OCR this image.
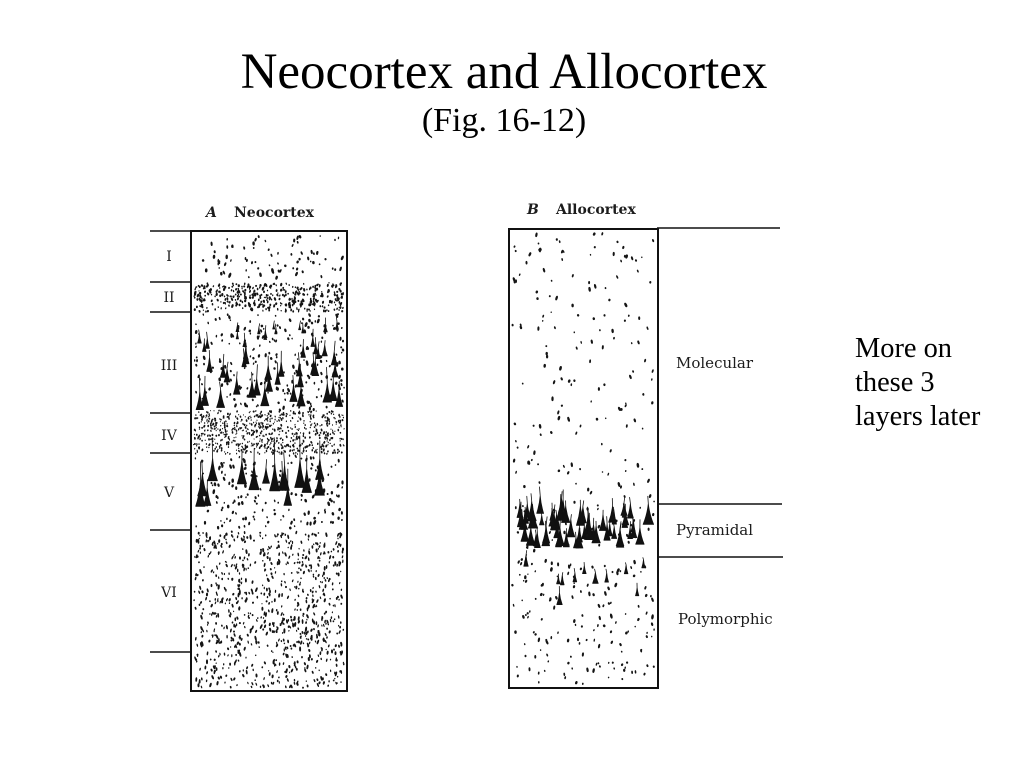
Neocortex and Allocortex
(Fig. 16-12)
A Neocortex
I
II
III
IV
V
VI
B Allocortex
Molecular
Pyramidal
Polymorphic
More on these 3 layers later
